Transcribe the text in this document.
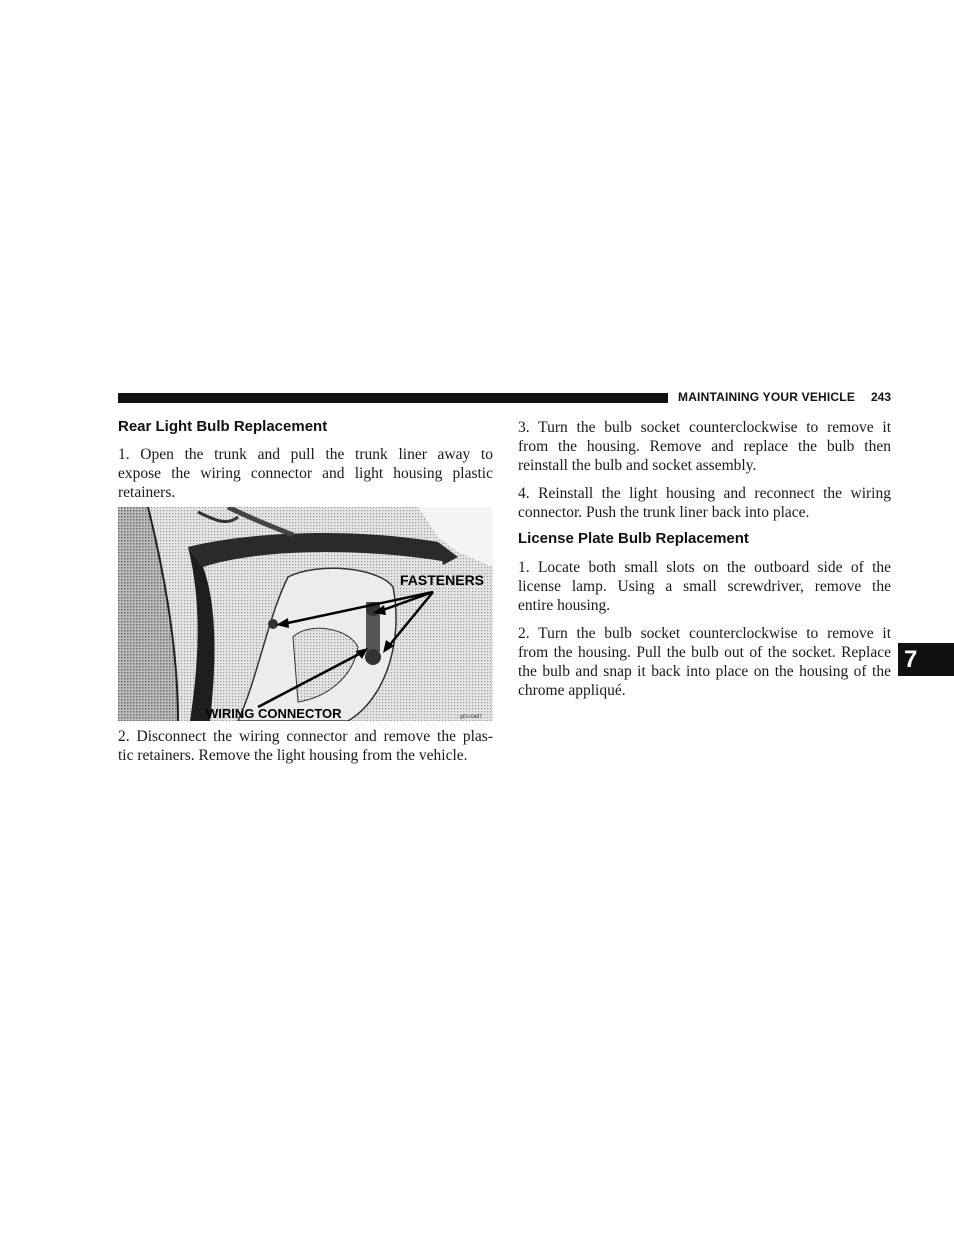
MAINTAINING YOUR VEHICLE 243
Rear Light Bulb Replacement
1. Open the trunk and pull the trunk liner away to
expose the wiring connector and light housing plastic
retainers.
FASTENERS
WIRING CONNECTOR	g01c0a87
2. Disconnect the wiring connector and remove the plas-
tic retainers. Remove the light housing from the vehicle.
3. Turn the bulb socket counterclockwise to remove it
from the housing. Remove and replace the bulb then
reinstall the bulb and socket assembly.
4. Reinstall the light housing and reconnect the wiring
connector. Push the trunk liner back into place.
License Plate Bulb Replacement
1. Locate both small slots on the outboard side of the
license lamp. Using a small screwdriver, remove the
entire housing.
2. Turn the bulb socket counterclockwise to remove it
from the housing. Pull the bulb out of the socket. Replace
the bulb and snap it back into place on the housing of the
chrome appliqué.
7
